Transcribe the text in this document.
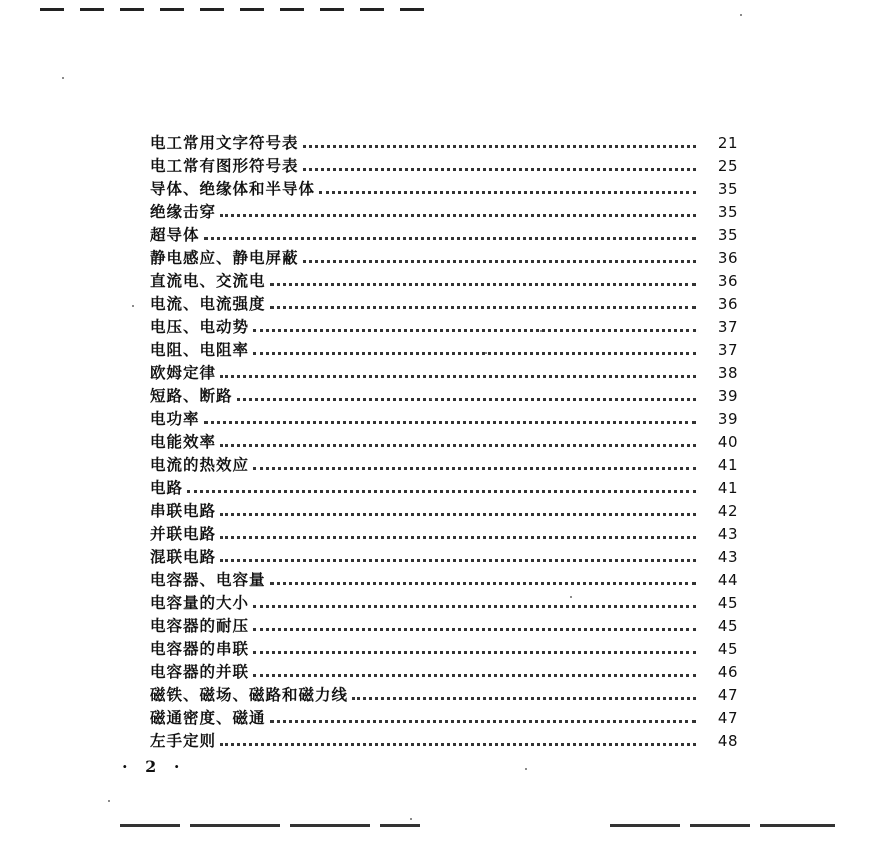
电工常用文字符号表	21
电工常有图形符号表	25
导体、绝缘体和半导体	35
绝缘击穿	35
超导体	35
静电感应、静电屏蔽	36
直流电、交流电	36
电流、电流强度	36
电压、电动势	37
电阻、电阻率	37
欧姆定律	38
短路、断路	39
电功率	39
电能效率	40
电流的热效应	41
电路	41
串联电路	42
并联电路	43
混联电路	43
电容器、电容量	44
电容量的大小	45
电容器的耐压	45
电容器的串联	45
电容器的并联	46
磁铁、磁场、磁路和磁力线	47
磁通密度、磁通	47
左手定则	48
· 2 ·
